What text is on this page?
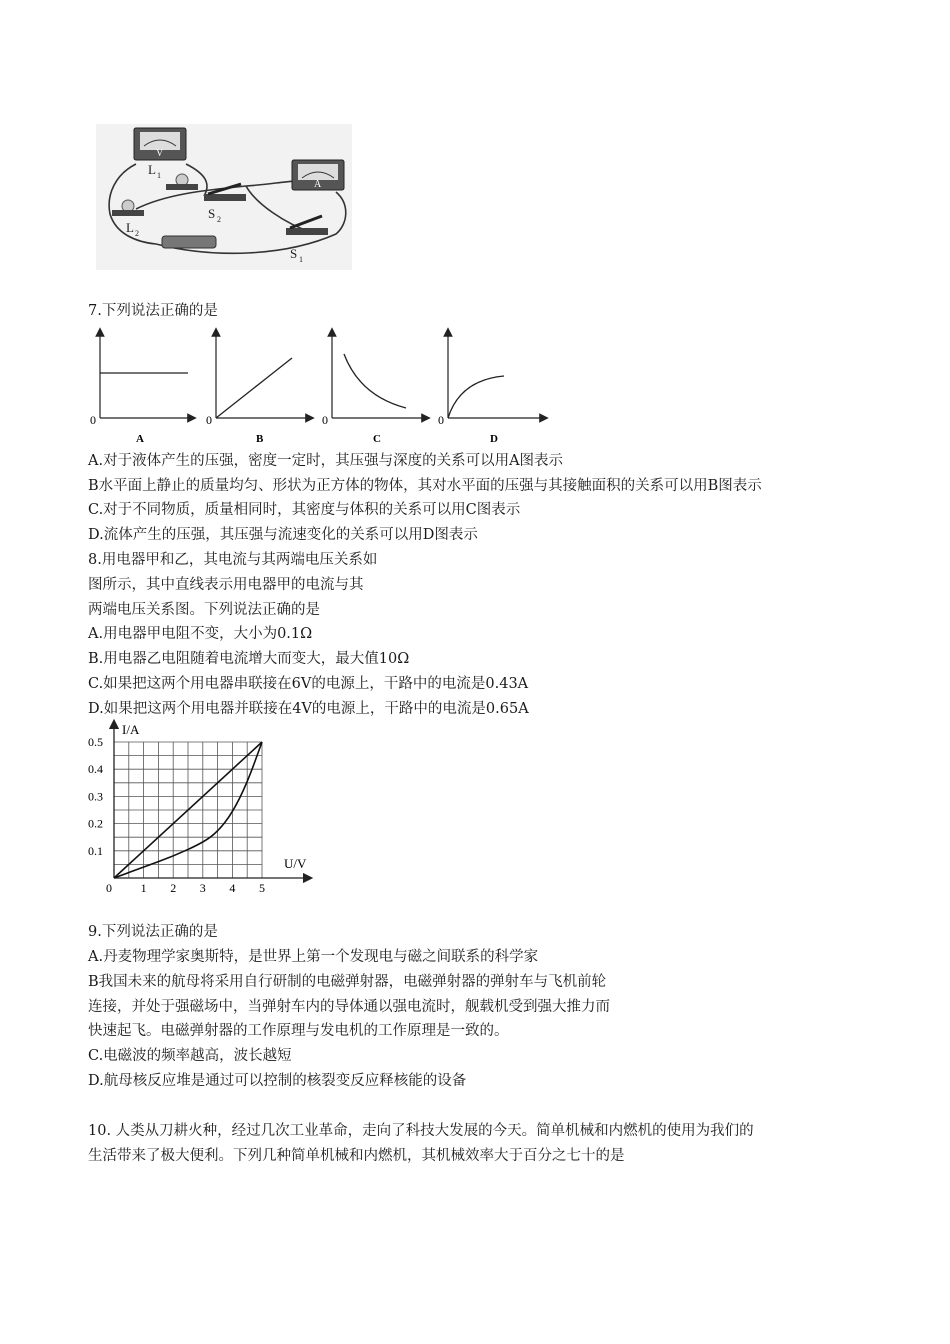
V
L 1
A
S 2
L 2
S 1
7.下列说法正确的是
0
A
0
B
0
C
0
D
A.对于液体产生的压强，密度一定时，其压强与深度的关系可以用A图表示
B水平面上静止的质量均匀、形状为正方体的物体，其对水平面的压强与其接触面积的关系可以用B图表示
C.对于不同物质，质量相同时，其密度与体积的关系可以用C图表示
D.流体产生的压强，其压强与流速变化的关系可以用D图表示
8.用电器甲和乙，其电流与其两端电压关系如
图所示，其中直线表示用电器甲的电流与其
两端电压关系图。下列说法正确的是
A.用电器甲电阻不变，大小为0.1Ω
B.用电器乙电阻随着电流增大而变大，最大值10Ω
C.如果把这两个用电器串联接在6V的电源上，干路中的电流是0.43A
D.如果把这两个用电器并联接在4V的电源上，干路中的电流是0.65A
0 1 2 3 4 5
0.1
0.2
0.3
0.4
0.5
I/A
U/V
9.下列说法正确的是
A.丹麦物理学家奥斯特，是世界上第一个发现电与磁之间联系的科学家
B我国未来的航母将采用自行研制的电磁弹射器，电磁弹射器的弹射车与飞机前轮
连接，并处于强磁场中，当弹射车内的导体通以强电流时，舰载机受到强大推力而
快速起飞。电磁弹射器的工作原理与发电机的工作原理是一致的。
C.电磁波的频率越高，波长越短
D.航母核反应堆是通过可以控制的核裂变反应释核能的设备
10. 人类从刀耕火种，经过几次工业革命，走向了科技大发展的今天。简单机械和内燃机的使用为我们的
生活带来了极大便利。下列几种简单机械和内燃机，其机械效率大于百分之七十的是
